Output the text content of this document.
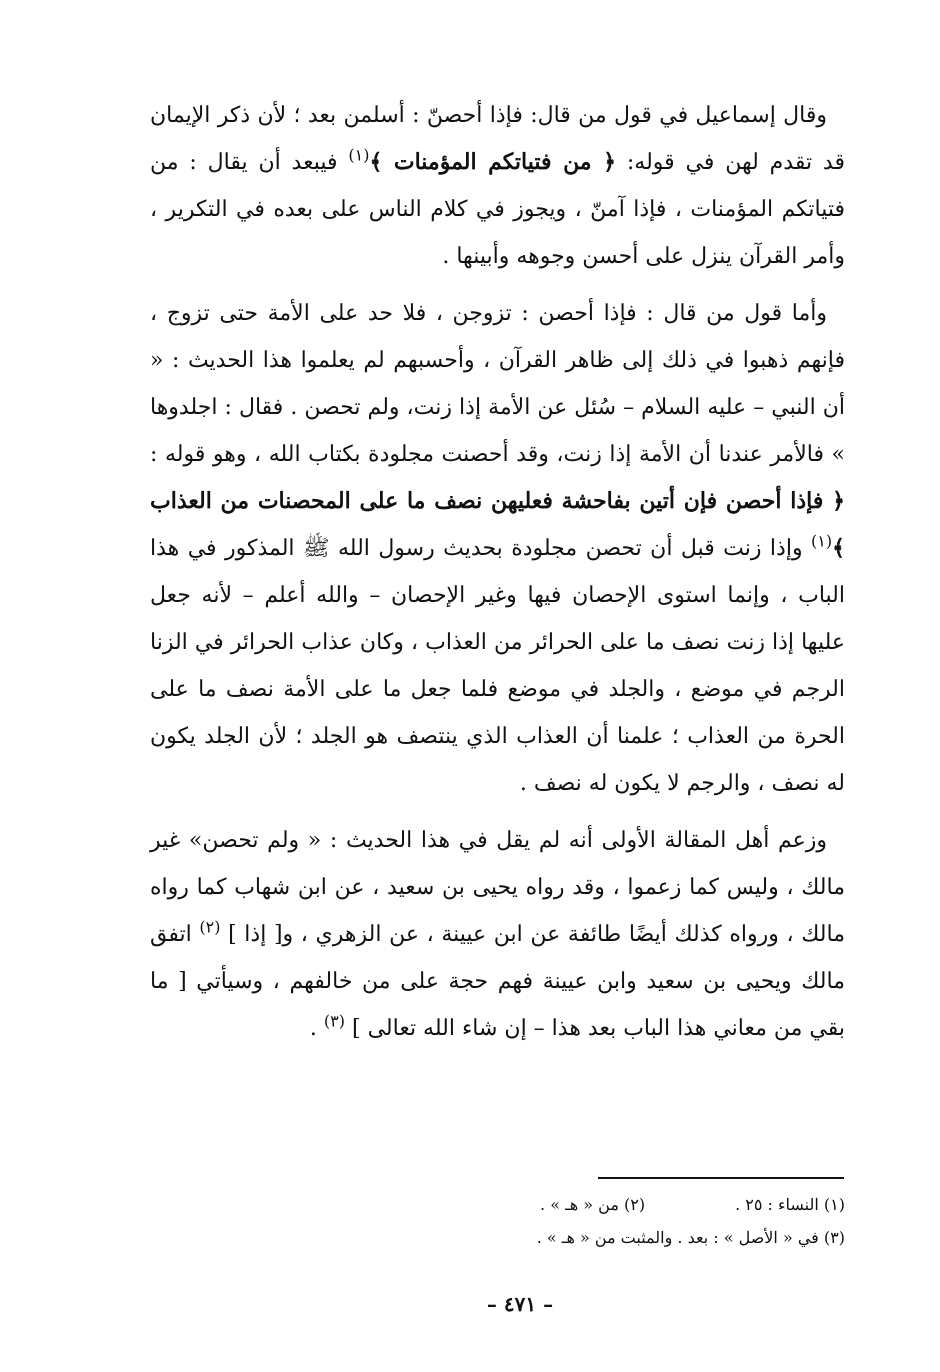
وقال إسماعيل في قول من قال: فإذا أحصنّ : أسلمن بعد ؛ لأن ذكر الإيمان قد تقدم لهن في قوله: ﴿ من فتياتكم المؤمنات ﴾$^{(١)}$ فيبعد أن يقال : من فتياتكم المؤمنات ، فإذا آمنّ ، ويجوز في كلام الناس على بعده في التكرير ، وأمر القرآن ينزل على أحسن وجوهه وأبينها .

وأما قول من قال : فإذا أحصن : تزوجن ، فلا حد على الأمة حتى تزوج ، فإنهم ذهبوا في ذلك إلى ظاهر القرآن ، وأحسبهم لم يعلموا هذا الحديث : « أن النبي – عليه السلام – سُئل عن الأمة إذا زنت، ولم تحصن . فقال : اجلدوها » فالأمر عندنا أن الأمة إذا زنت، وقد أحصنت مجلودة بكتاب الله ، وهو قوله : ﴿ فإذا أحصن فإن أتين بفاحشة فعليهن نصف ما على المحصنات من العذاب ﴾$^{(١)}$ وإذا زنت قبل أن تحصن مجلودة بحديث رسول الله ﷺ المذكور في هذا الباب ، وإنما استوى الإحصان فيها وغير الإحصان – والله أعلم – لأنه جعل عليها إذا زنت نصف ما على الحرائر من العذاب ، وكان عذاب الحرائر في الزنا الرجم في موضع ، والجلد في موضع فلما جعل ما على الأمة نصف ما على الحرة من العذاب ؛ علمنا أن العذاب الذي ينتصف هو الجلد ؛ لأن الجلد يكون له نصف ، والرجم لا يكون له نصف .

وزعم أهل المقالة الأولى أنه لم يقل في هذا الحديث : « ولم تحصن» غير مالك ، وليس كما زعموا ، وقد رواه يحيى بن سعيد ، عن ابن شهاب كما رواه مالك ، ورواه كذلك أيضًا طائفة عن ابن عيينة ، عن الزهري ، و[ إذا ] $^{(٢)}$ اتفق مالك ويحيى بن سعيد وابن عيينة فهم حجة على من خالفهم ، وسيأتي [ ما بقي من معاني هذا الباب بعد هذا – إن شاء الله تعالى ] $^{(٣)}$ .

(١) النساء : ٢٥ .(٢) من « هـ » .
(٣) في « الأصل » : بعد . والمثبت من « هـ » .
– ٤٧١ –
